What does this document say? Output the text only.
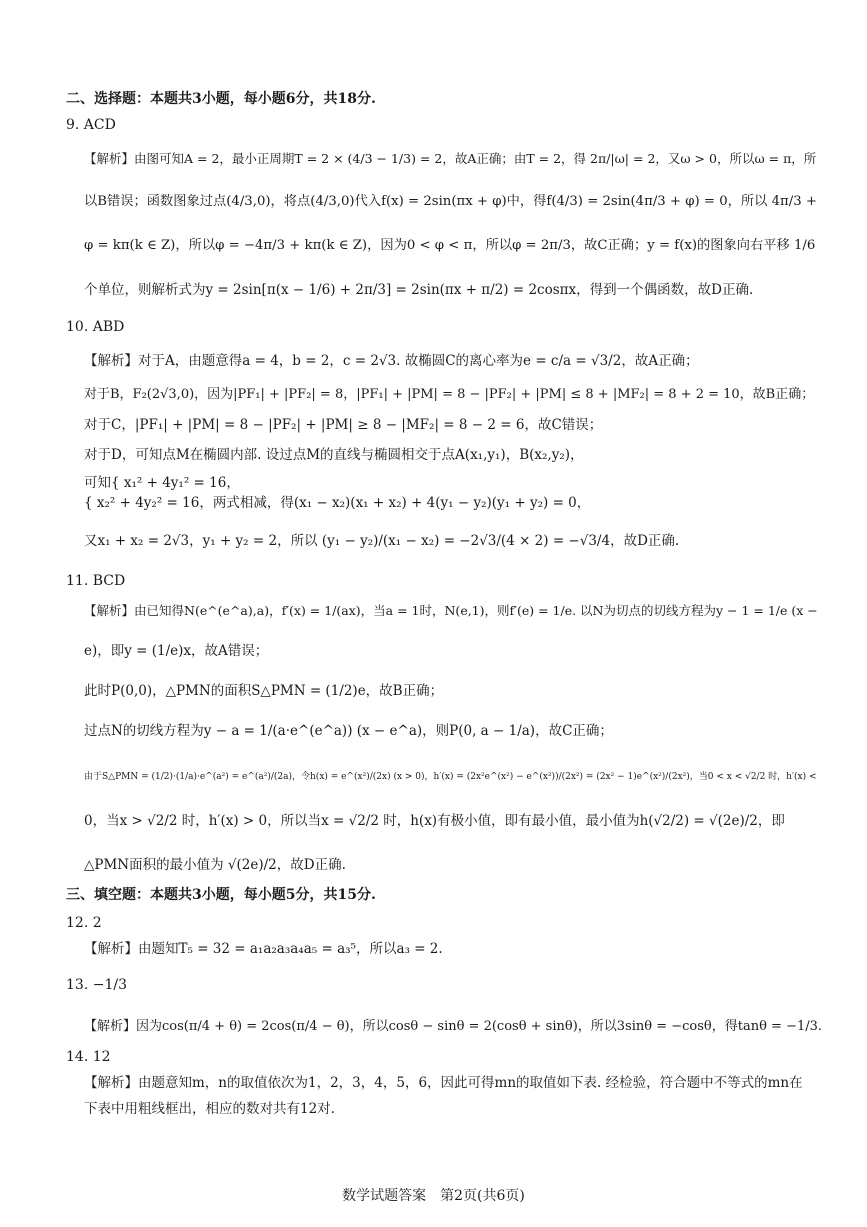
二、选择题：本题共3小题，每小题6分，共18分.
9. ACD
【解析】由图可知A = 2，最小正周期T = 2 × (4/3 − 1/3) = 2，故A正确；由T = 2，得 2π/|ω| = 2，又ω > 0，所以ω = π，所
以B错误；函数图象过点(4/3,0)，将点(4/3,0)代入f(x) = 2sin(πx + φ)中，得f(4/3) = 2sin(4π/3 + φ) = 0，所以 4π/3 +
φ = kπ(k ∈ Z)，所以φ = −4π/3 + kπ(k ∈ Z)，因为0 < φ < π，所以φ = 2π/3，故C正确；y = f(x)的图象向右平移 1/6
个单位，则解析式为y = 2sin[π(x − 1/6) + 2π/3] = 2sin(πx + π/2) = 2cosπx，得到一个偶函数，故D正确.
10. ABD
【解析】对于A，由题意得a = 4，b = 2，c = 2√3. 故椭圆C的离心率为e = c/a = √3/2，故A正确；
对于B，F₂(2√3,0)，因为|PF₁| + |PF₂| = 8，|PF₁| + |PM| = 8 − |PF₂| + |PM| ≤ 8 + |MF₂| = 8 + 2 = 10，故B正确；
对于C，|PF₁| + |PM| = 8 − |PF₂| + |PM| ≥ 8 − |MF₂| = 8 − 2 = 6，故C错误；
对于D，可知点M在椭圆内部. 设过点M的直线与椭圆相交于点A(x₁,y₁)，B(x₂,y₂)，
可知{ x₁² + 4y₁² = 16，
{ x₂² + 4y₂² = 16，两式相减，得(x₁ − x₂)(x₁ + x₂) + 4(y₁ − y₂)(y₁ + y₂) = 0，
又x₁ + x₂ = 2√3，y₁ + y₂ = 2，所以 (y₁ − y₂)/(x₁ − x₂) = −2√3/(4 × 2) = −√3/4，故D正确.
11. BCD
【解析】由已知得N(e^(e^a),a)，f′(x) = 1/(ax)，当a = 1时，N(e,1)，则f′(e) = 1/e. 以N为切点的切线方程为y − 1 = 1/e (x −
e)，即y = (1/e)x，故A错误；
此时P(0,0)，△PMN的面积S△PMN = (1/2)e，故B正确；
过点N的切线方程为y − a = 1/(a·e^(e^a)) (x − e^a)，则P(0, a − 1/a)，故C正确；
由于S△PMN = (1/2)·(1/a)·e^(a²) = e^(a²)/(2a)，令h(x) = e^(x²)/(2x) (x > 0)，h′(x) = (2x²e^(x²) − e^(x²))/(2x²) = (2x² − 1)e^(x²)/(2x²)，当0 < x < √2/2 时，h′(x) <
0，当x > √2/2 时，h′(x) > 0，所以当x = √2/2 时，h(x)有极小值，即有最小值，最小值为h(√2/2) = √(2e)/2，即
△PMN面积的最小值为 √(2e)/2，故D正确.
三、填空题：本题共3小题，每小题5分，共15分.
12. 2
【解析】由题知T₅ = 32 = a₁a₂a₃a₄a₅ = a₃⁵，所以a₃ = 2.
13. −1/3
【解析】因为cos(π/4 + θ) = 2cos(π/4 − θ)，所以cosθ − sinθ = 2(cosθ + sinθ)，所以3sinθ = −cosθ，得tanθ = −1/3.
14. 12
【解析】由题意知m，n的取值依次为1，2，3，4，5，6，因此可得mn的取值如下表. 经检验，符合题中不等式的mn在
下表中用粗线框出，相应的数对共有12对.
数学试题答案　第2页(共6页)
